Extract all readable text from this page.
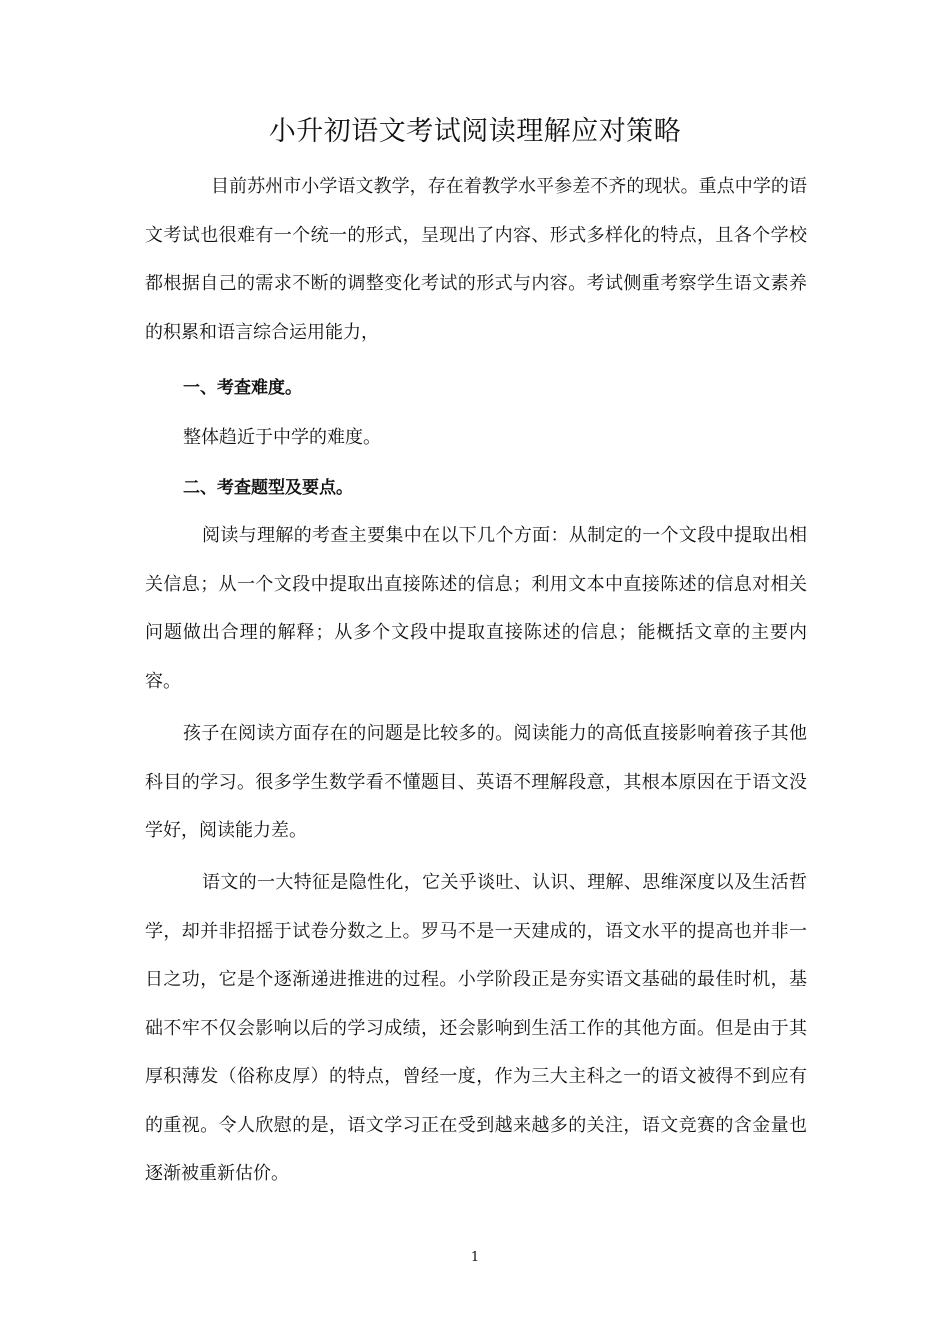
小升初语文考试阅读理解应对策略
目前苏州市小学语文教学，存在着教学水平参差不齐的现状。重点中学的语文考试也很难有一个统一的形式，呈现出了内容、形式多样化的特点，且各个学校都根据自己的需求不断的调整变化考试的形式与内容。考试侧重考察学生语文素养的积累和语言综合运用能力，
一、考查难度。
整体趋近于中学的难度。
二、考查题型及要点。
阅读与理解的考查主要集中在以下几个方面：从制定的一个文段中提取出相关信息；从一个文段中提取出直接陈述的信息；利用文本中直接陈述的信息对相关问题做出合理的解释；从多个文段中提取直接陈述的信息；能概括文章的主要内容。
孩子在阅读方面存在的问题是比较多的。阅读能力的高低直接影响着孩子其他科目的学习。很多学生数学看不懂题目、英语不理解段意，其根本原因在于语文没学好，阅读能力差。
语文的一大特征是隐性化，它关乎谈吐、认识、理解、思维深度以及生活哲学，却并非招摇于试卷分数之上。罗马不是一天建成的，语文水平的提高也并非一日之功，它是个逐渐递进推进的过程。小学阶段正是夯实语文基础的最佳时机，基础不牢不仅会影响以后的学习成绩，还会影响到生活工作的其他方面。但是由于其厚积薄发（俗称皮厚）的特点，曾经一度，作为三大主科之一的语文被得不到应有的重视。令人欣慰的是，语文学习正在受到越来越多的关注，语文竞赛的含金量也逐渐被重新估价。
1
